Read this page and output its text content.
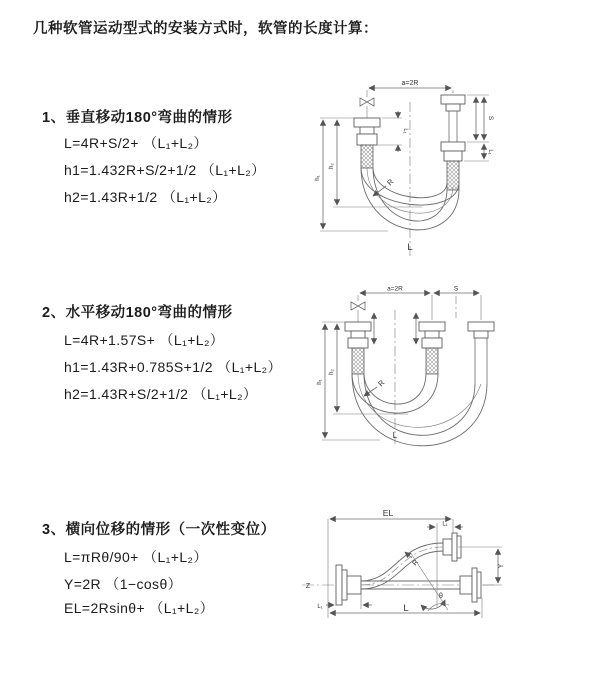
几种软管运动型式的安装方式时，软管的长度计算：
1、垂直移动180°弯曲的情形
L=4R+S/2+ （L₁+L₂）
h1=1.432R+S/2+1/2 （L₁+L₂）
h2=1.43R+1/2 （L₁+L₂）
2、水平移动180°弯曲的情形
L=4R+1.57S+ （L₁+L₂）
h1=1.43R+0.785S+1/2 （L₁+L₂）
h2=1.43R+S/2+1/2 （L₁+L₂）
3、横向位移的情形（一次性变位）
L=πRθ/90+ （L₁+L₂）
Y=2R （1−cosθ）
EL=2Rsinθ+ （L₁+L₂）
a=2R
L₁
S
L₁
h₁
h₂
R
L
a=2R	S
h₁
h₂
R
L
Z
EL
L₁
Y
L
L₁
R
θ
